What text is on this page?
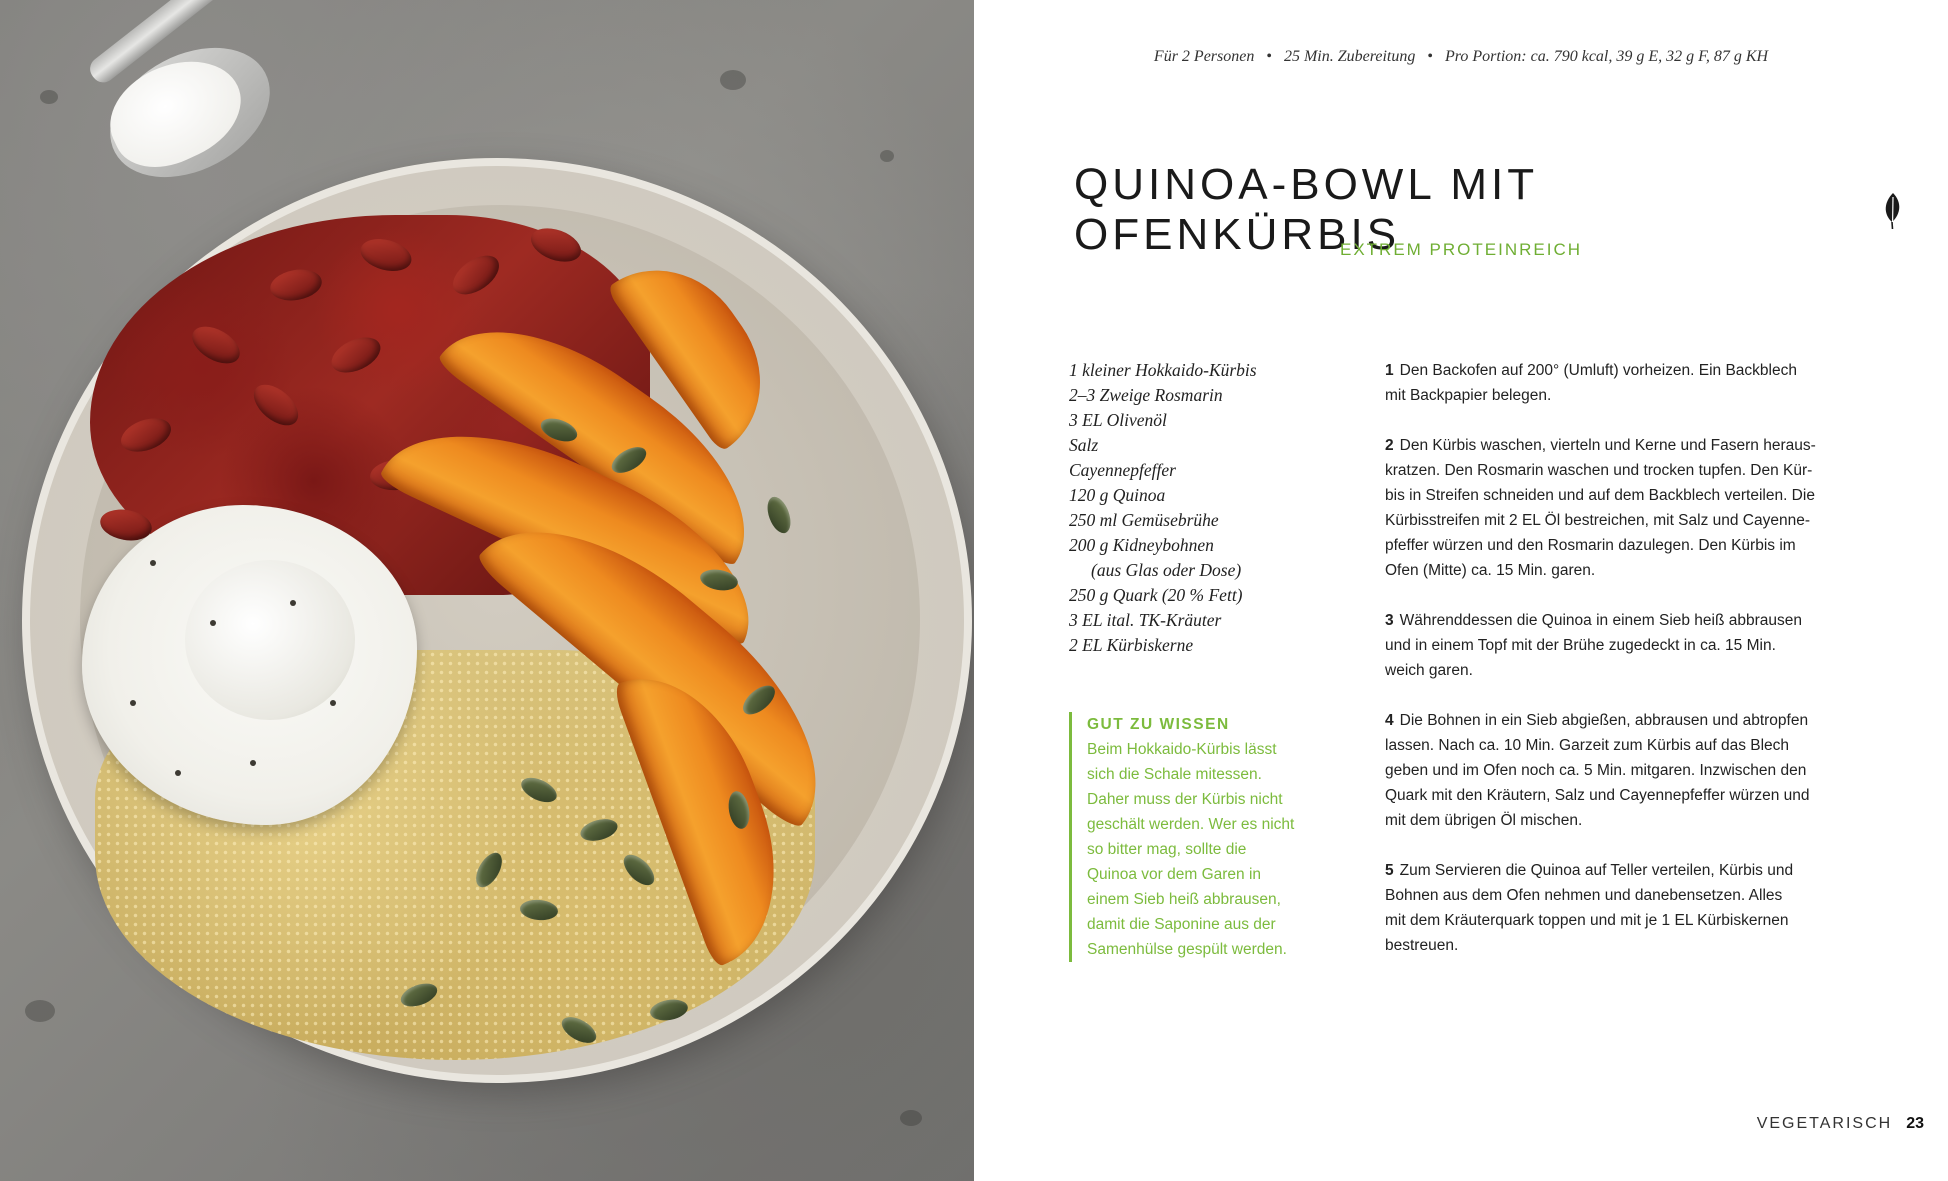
Für 2 Personen • 25 Min. Zubereitung • Pro Portion: ca. 790 kcal, 39 g E, 32 g F, 87 g KH
QUINOA-BOWL MIT OFENKÜRBIS
EXTREM PROTEINREICH
1 kleiner Hokkaido-Kürbis
2–3 Zweige Rosmarin
3 EL Olivenöl
Salz
Cayennepfeffer
120 g Quinoa
250 ml Gemüsebrühe
200 g Kidneybohnen
(aus Glas oder Dose)
250 g Quark (20 % Fett)
3 EL ital. TK-Kräuter
2 EL Kürbiskerne
GUT ZU WISSEN
Beim Hokkaido-Kürbis lässt
sich die Schale mitessen.
Daher muss der Kürbis nicht
geschält werden. Wer es nicht
so bitter mag, sollte die
Quinoa vor dem Garen in
einem Sieb heiß abbrausen,
damit die Saponine aus der
Samenhülse gespült werden.
1 Den Backofen auf 200° (Umluft) vorheizen. Ein Backblech
mit Backpapier belegen.
2 Den Kürbis waschen, vierteln und Kerne und Fasern heraus-
kratzen. Den Rosmarin waschen und trocken tupfen. Den Kür-
bis in Streifen schneiden und auf dem Backblech verteilen. Die
Kürbisstreifen mit 2 EL Öl bestreichen, mit Salz und Cayenne-
pfeffer würzen und den Rosmarin dazulegen. Den Kürbis im
Ofen (Mitte) ca. 15 Min. garen.
3 Währenddessen die Quinoa in einem Sieb heiß abbrausen
und in einem Topf mit der Brühe zugedeckt in ca. 15 Min.
weich garen.
4 Die Bohnen in ein Sieb abgießen, abbrausen und abtropfen
lassen. Nach ca. 10 Min. Garzeit zum Kürbis auf das Blech
geben und im Ofen noch ca. 5 Min. mitgaren. Inzwischen den
Quark mit den Kräutern, Salz und Cayennepfeffer würzen und
mit dem übrigen Öl mischen.
5 Zum Servieren die Quinoa auf Teller verteilen, Kürbis und
Bohnen aus dem Ofen nehmen und danebensetzen. Alles
mit dem Kräuterquark toppen und mit je 1 EL Kürbiskernen
bestreuen.
VEGETARISCH 23
